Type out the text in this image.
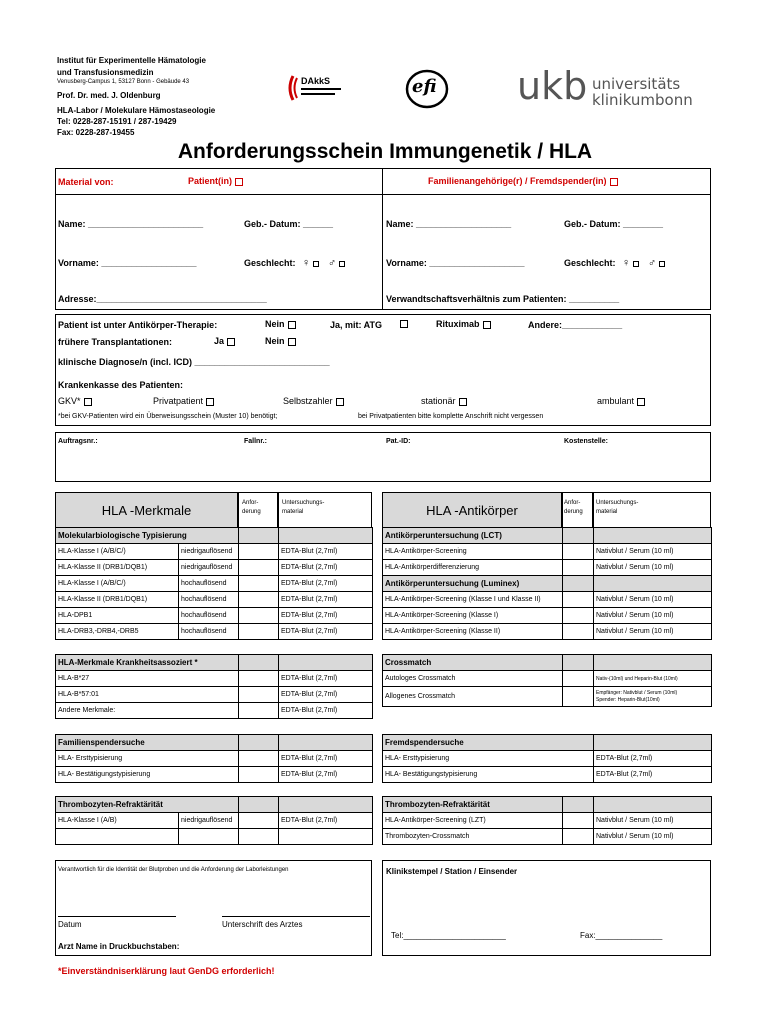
Institut für Experimentelle Hämatologie
und Transfusionsmedizin
Venusberg-Campus 1, 53127 Bonn - Gebäude 43
Prof. Dr. med. J. Oldenburg
HLA-Labor / Molekulare Hämostaseologie
Tel: 0228-287-15191 / 287-19429
Fax: 0228-287-19455
DAkkS	efi ukb universitäts
klinikumbonn
Anforderungsschein Immungenetik / HLA
Material von:	Patient(in)	Familienangehörige(r) / Fremdspender(in)
Name: _______________________	Geb.- Datum: ______
Vorname: ___________________	Geschlecht: ♀ ♂
Adresse:__________________________________
Name: ___________________	Geb.- Datum: ________
Vorname: ___________________	Geschlecht: ♀ ♂
Verwandtschaftsverhältnis zum Patienten: __________
Patient ist unter Antikörper-Therapie:	Nein	Ja, mit: ATG	Rituximab	Andere:____________
frühere Transplantationen:	Ja	Nein
klinische Diagnose/n (incl. ICD) ___________________________
Krankenkasse des Patienten:
GKV*	Privatpatient	Selbstzahler	stationär	ambulant
*bei GKV-Patienten wird ein Überweisungsschein (Muster 10) benötigt;	bei Privatpatienten bitte komplette Anschrift nicht vergessen
Auftragsnr.:	Fallnr.:	Pat.-ID:	Kostenstelle:
HLA -Merkmale	Anfor-
derung
Untersuchungs-
material	HLA -Antikörper	Anfor-
derung
Untersuchungs-
material
Molekularbiologische Typisierung			
HLA-Klasse I (A/B/C/)	niedrigauflösend		EDTA-Blut (2,7ml)
HLA-Klasse II (DRB1/DQB1)	niedrigauflösend		EDTA-Blut (2,7ml)
HLA-Klasse I (A/B/C/)	hochauflösend		EDTA-Blut (2,7ml)
HLA-Klasse II (DRB1/DQB1)	hochauflösend		EDTA-Blut (2,7ml)
HLA-DPB1	hochauflösend		EDTA-Blut (2,7ml)
HLA-DRB3,-DRB4,-DRB5	hochauflösend		EDTA-Blut (2,7ml)
Antikörperuntersuchung (LCT)		
HLA-Antikörper-Screening		Nativblut / Serum (10 ml)
HLA-Antikörperdifferenzierung		Nativblut / Serum (10 ml)
Antikörperuntersuchung (Luminex)		
HLA-Antikörper-Screening (Klasse I und Klasse II)		Nativblut / Serum (10 ml)
HLA-Antikörper-Screening (Klasse I)		Nativblut / Serum (10 ml)
HLA-Antikörper-Screening (Klasse II)		Nativblut / Serum (10 ml)
HLA-Merkmale Krankheitsassoziert *		
HLA-B*27		EDTA-Blut (2,7ml)
HLA-B*57:01		EDTA-Blut (2,7ml)
Andere Merkmale:		EDTA-Blut (2,7ml)
Crossmatch		
Autologes Crossmatch		Nativ-(10ml) und Heparin-Blut (10ml)
Allogenes Crossmatch		Empfänger: Nativblut / Serum (10ml)
Spender: Heparin-Blut(10ml)
Familienspendersuche		
HLA- Ersttypisierung		EDTA-Blut (2,7ml)
HLA- Bestätigungstypisierung		EDTA-Blut (2,7ml)
Fremdspendersuche	
HLA- Ersttypisierung	EDTA-Blut (2,7ml)
HLA- Bestätigungstypisierung	EDTA-Blut (2,7ml)
Thrombozyten-Refraktärität			
HLA-Klasse I (A/B)	niedrigauflösend		EDTA-Blut (2,7ml)

Thrombozyten-Refraktärität		
HLA-Antikörper-Screening (LZT)		Nativblut / Serum (10 ml)
Thrombozyten-Crossmatch		Nativblut / Serum (10 ml)
Verantwortlich für die Identität der Blutproben und die Anforderung der Laborleistungen
Datum	Unterschrift des Arztes
Arzt Name in Druckbuchstaben:
Klinikstempel / Station / Einsender
Tel:_______________________	Fax:_______________
*Einverständniserklärung laut GenDG erforderlich!
